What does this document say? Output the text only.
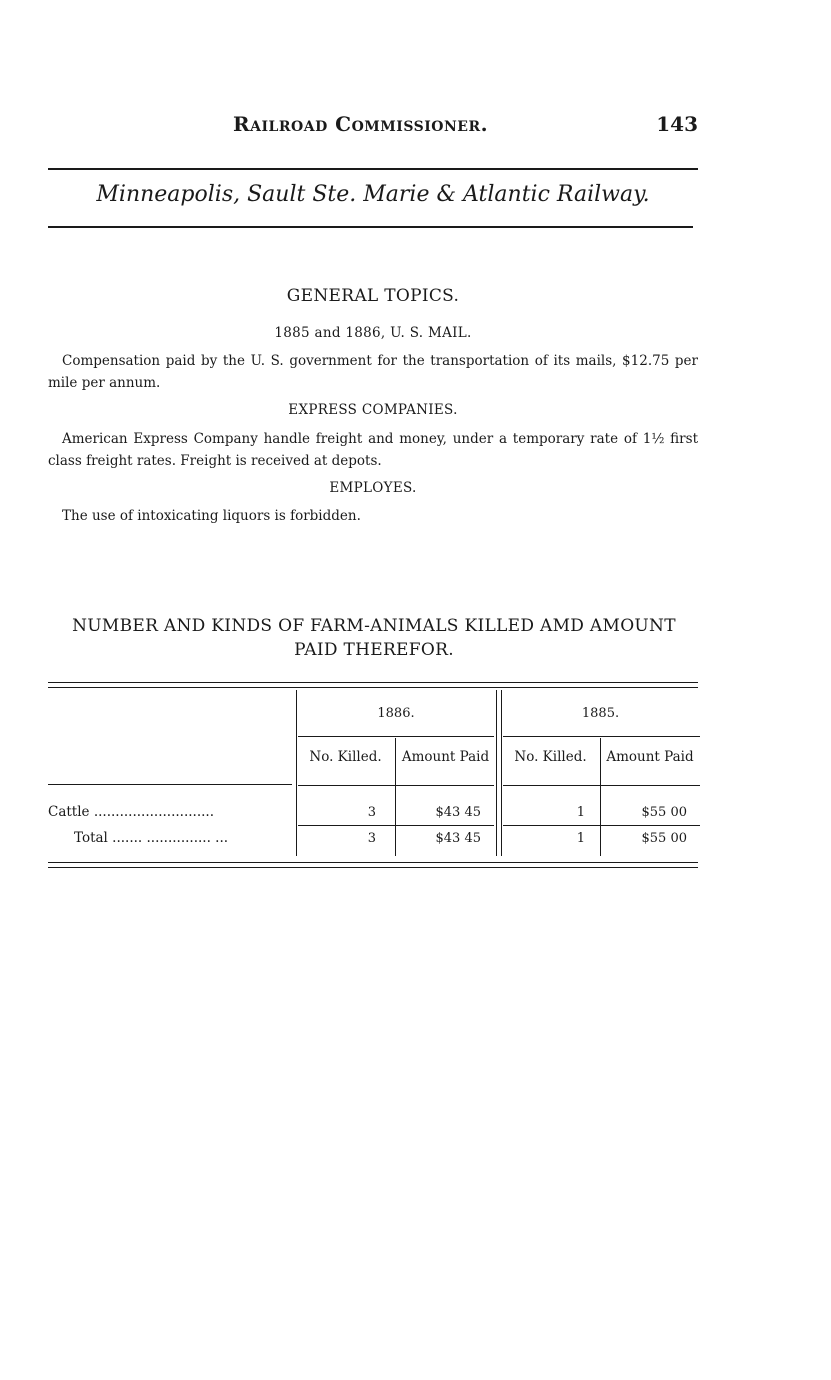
Railroad Commissioner.	143
Minneapolis, Sault Ste. Marie & Atlantic Railway.
GENERAL TOPICS.
1885 and 1886, U. S. MAIL.
Compensation paid by the U. S. government for the transportation of its mails, $12.75 per mile per annum.
EXPRESS COMPANIES.
American Express Company handle freight and money, under a temporary rate of 1½ first class freight rates. Freight is received at depots.
EMPLOYES.
The use of intoxicating liquors is forbidden.
NUMBER AND KINDS OF FARM-ANIMALS KILLED AMD AMOUNT
PAID THEREFOR.
1886.	1885.
No. Killed.	Amount Paid	No. Killed.	Amount Paid
Cattle ............................	3	$43 45	1	$55 00
Total ....... ............... ...	3	$43 45	1	$55 00
